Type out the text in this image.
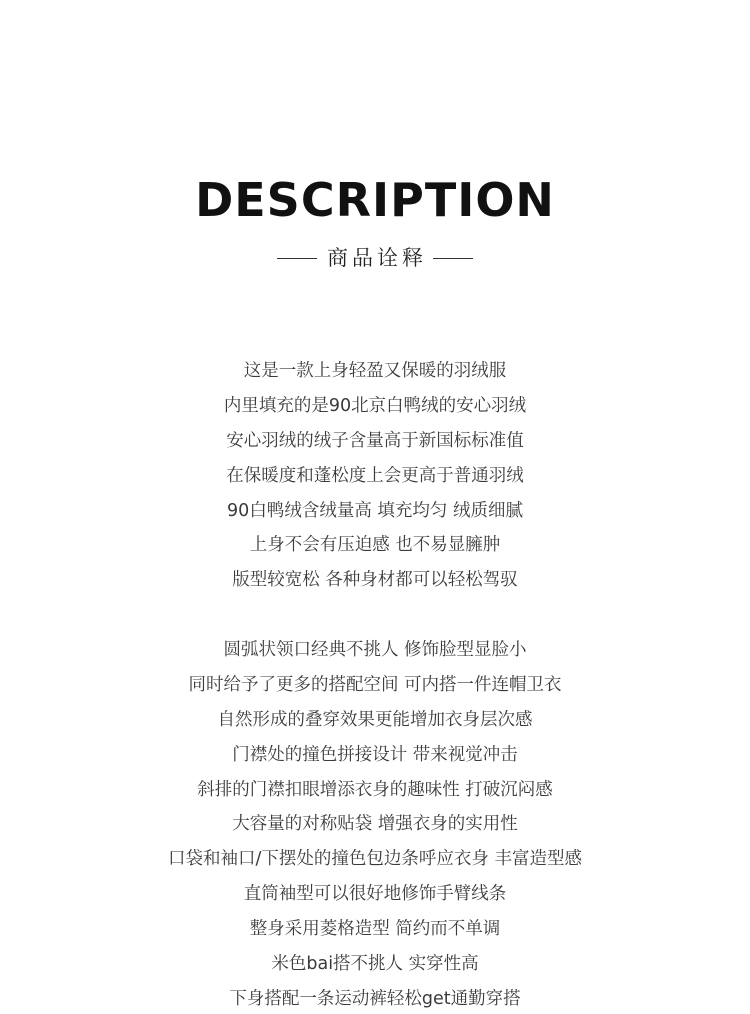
DESCRIPTION
商品诠释
这是一款上身轻盈又保暖的羽绒服
内里填充的是90北京白鸭绒的安心羽绒
安心羽绒的绒子含量高于新国标标准值
在保暖度和蓬松度上会更高于普通羽绒
90白鸭绒含绒量高 填充均匀 绒质细腻
上身不会有压迫感 也不易显臃肿
版型较宽松 各种身材都可以轻松驾驭
圆弧状领口经典不挑人 修饰脸型显脸小
同时给予了更多的搭配空间 可内搭一件连帽卫衣
自然形成的叠穿效果更能增加衣身层次感
门襟处的撞色拼接设计 带来视觉冲击
斜排的门襟扣眼增添衣身的趣味性 打破沉闷感
大容量的对称贴袋 增强衣身的实用性
口袋和袖口/下摆处的撞色包边条呼应衣身 丰富造型感
直筒袖型可以很好地修饰手臂线条
整身采用菱格造型 简约而不单调
米色bai搭不挑人 实穿性高
下身搭配一条运动裤轻松get通勤穿搭
